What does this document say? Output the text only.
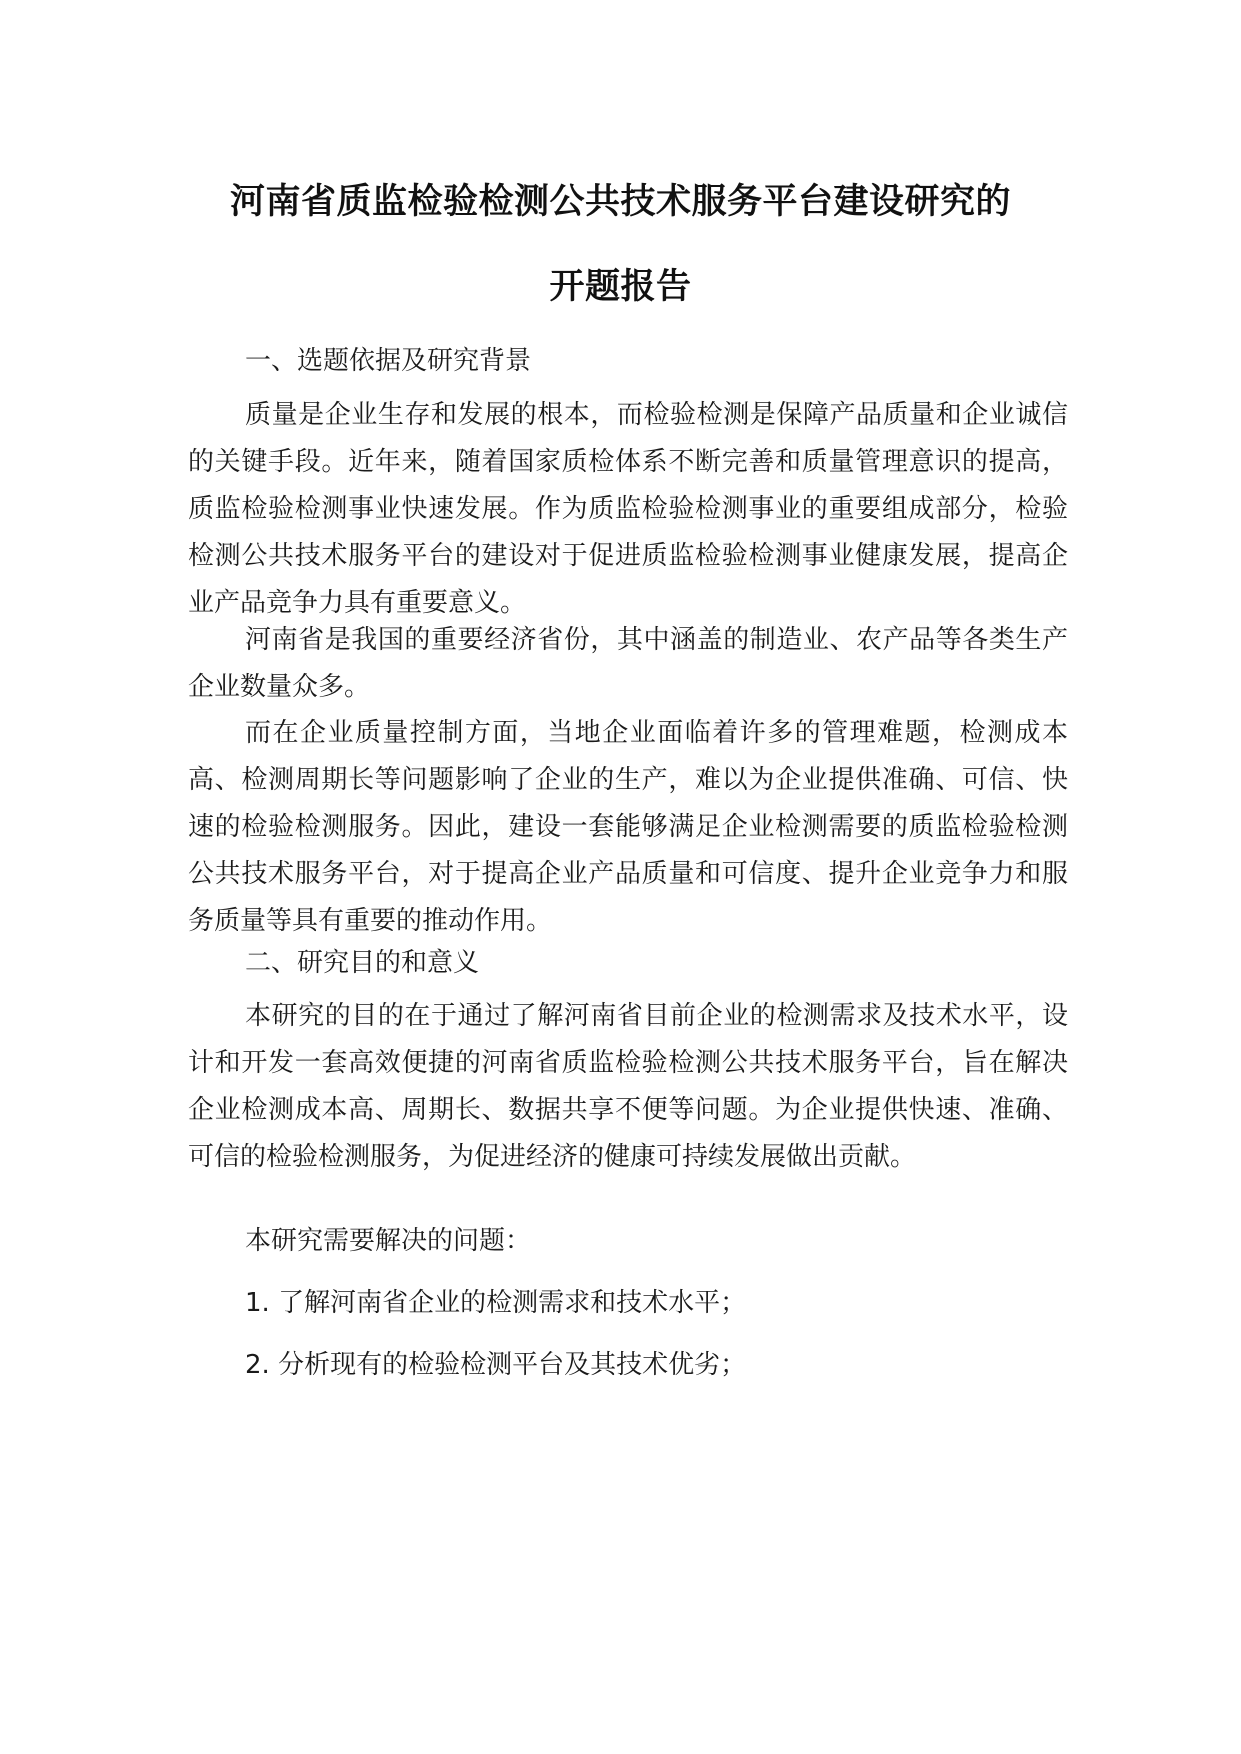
河南省质监检验检测公共技术服务平台建设研究的
开题报告

一、选题依据及研究背景

质量是企业生存和发展的根本，而检验检测是保障产品质量和企业诚信的关键手段。近年来，随着国家质检体系不断完善和质量管理意识的提高，质监检验检测事业快速发展。作为质监检验检测事业的重要组成部分，检验检测公共技术服务平台的建设对于促进质监检验检测事业健康发展，提高企业产品竞争力具有重要意义。

河南省是我国的重要经济省份，其中涵盖的制造业、农产品等各类生产企业数量众多。

而在企业质量控制方面，当地企业面临着许多的管理难题，检测成本高、检测周期长等问题影响了企业的生产，难以为企业提供准确、可信、快速的检验检测服务。因此，建设一套能够满足企业检测需要的质监检验检测公共技术服务平台，对于提高企业产品质量和可信度、提升企业竞争力和服务质量等具有重要的推动作用。

二、研究目的和意义

本研究的目的在于通过了解河南省目前企业的检测需求及技术水平，设计和开发一套高效便捷的河南省质监检验检测公共技术服务平台，旨在解决企业检测成本高、周期长、数据共享不便等问题。为企业提供快速、准确、可信的检验检测服务，为促进经济的健康可持续发展做出贡献。

本研究需要解决的问题：

1. 了解河南省企业的检测需求和技术水平；

2. 分析现有的检验检测平台及其技术优劣；
